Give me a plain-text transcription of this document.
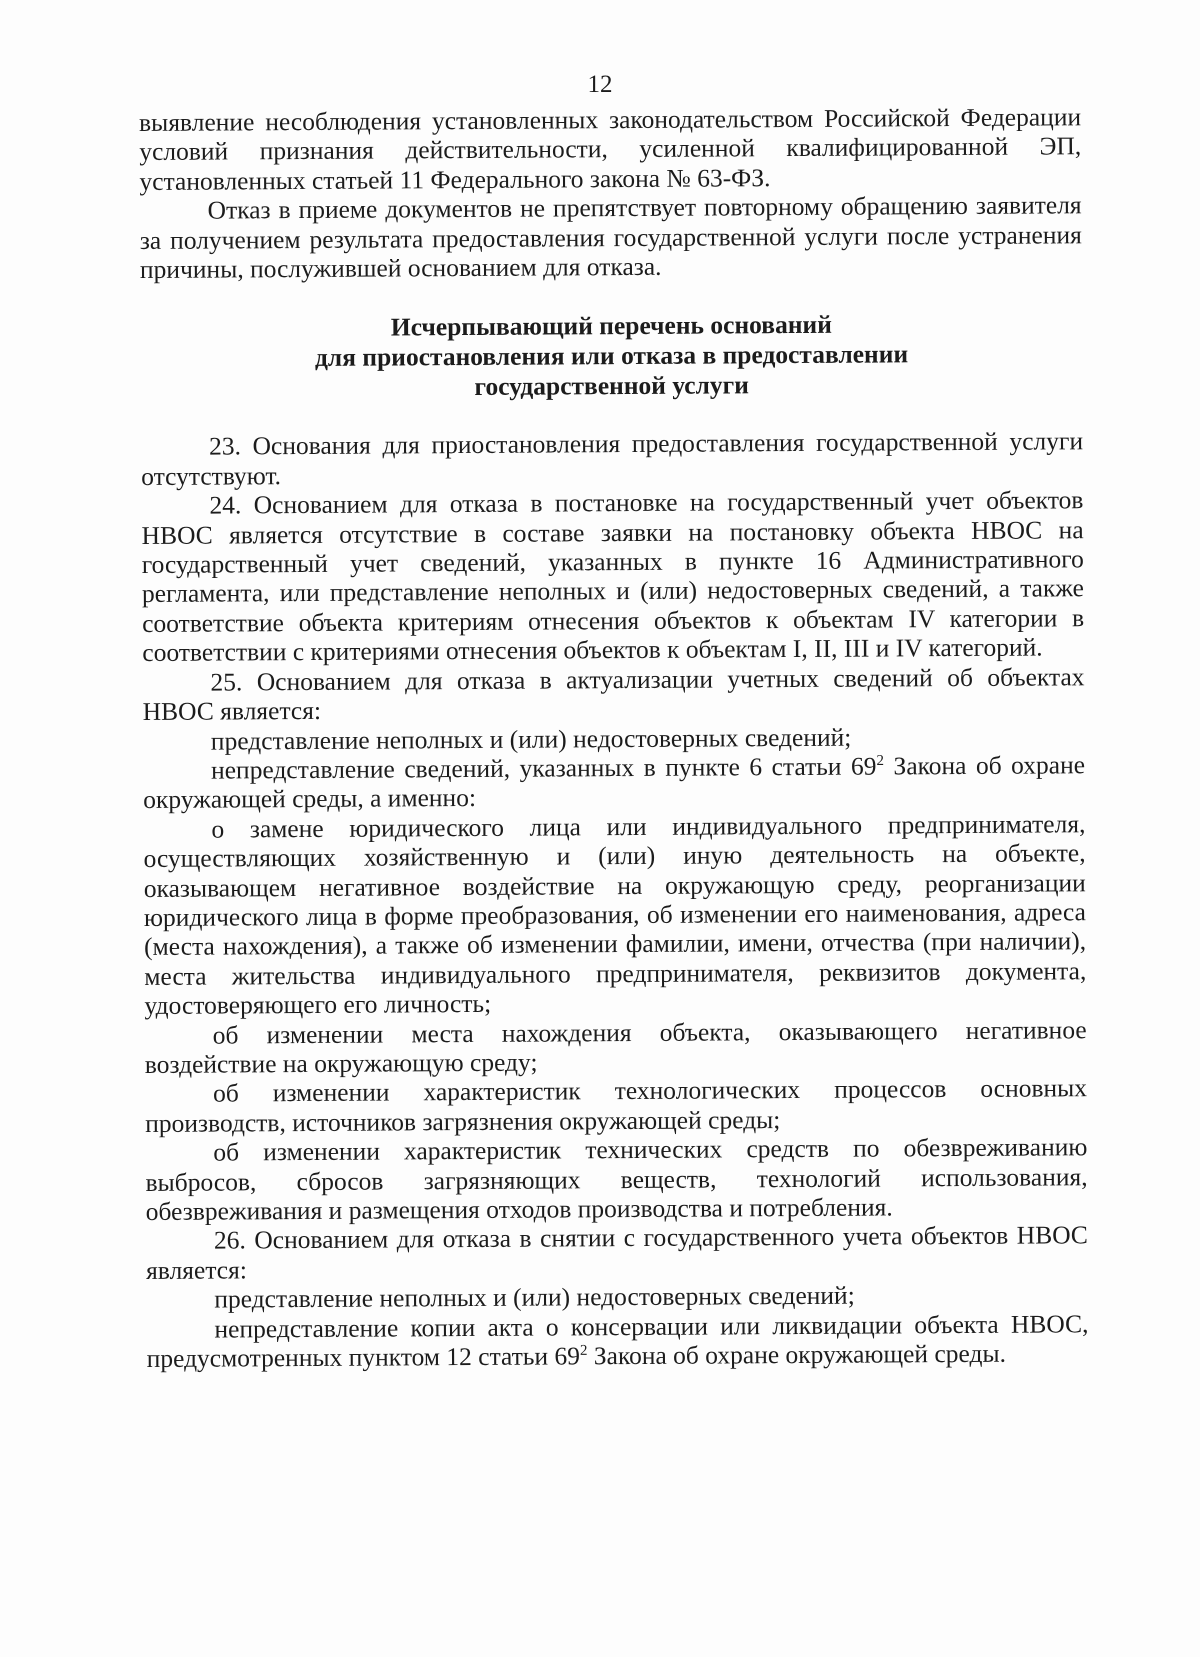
12

выявление несоблюдения установленных законодательством Российской Федерации условий признания действительности, усиленной квалифицированной ЭП, установленных статьей 11 Федерального закона № 63-ФЗ.

Отказ в приеме документов не препятствует повторному обращению заявителя за получением результата предоставления государственной услуги после устранения причины, послужившей основанием для отказа.

Исчерпывающий перечень оснований
для приостановления или отказа в предоставлении
государственной услуги

23. Основания для приостановления предоставления государственной услуги отсутствуют.

24. Основанием для отказа в постановке на государственный учет объектов НВОС является отсутствие в составе заявки на постановку объекта НВОС на государственный учет сведений, указанных в пункте 16 Административного регламента, или представление неполных и (или) недостоверных сведений, а также соответствие объекта критериям отнесения объектов к объектам IV категории в соответствии с критериями отнесения объектов к объектам I, II, III и IV категорий.

25. Основанием для отказа в актуализации учетных сведений об объектах НВОС является:

представление неполных и (или) недостоверных сведений;

непредставление сведений, указанных в пункте 6 статьи $69^2$ Закона об охране окружающей среды, а именно:

о замене юридического лица или индивидуального предпринимателя, осуществляющих хозяйственную и (или) иную деятельность на объекте, оказывающем негативное воздействие на окружающую среду, реорганизации юридического лица в форме преобразования, об изменении его наименования, адреса (места нахождения), а также об изменении фамилии, имени, отчества (при наличии), места жительства индивидуального предпринимателя, реквизитов документа, удостоверяющего его личность;

об изменении места нахождения объекта, оказывающего негативное воздействие на окружающую среду;

об изменении характеристик технологических процессов основных производств, источников загрязнения окружающей среды;

об изменении характеристик технических средств по обезвреживанию выбросов, сбросов загрязняющих веществ, технологий использования, обезвреживания и размещения отходов производства и потребления.

26. Основанием для отказа в снятии с государственного учета объектов НВОС является:

представление неполных и (или) недостоверных сведений;

непредставление копии акта о консервации или ликвидации объекта НВОС, предусмотренных пунктом 12 статьи $69^2$ Закона об охране окружающей среды.
